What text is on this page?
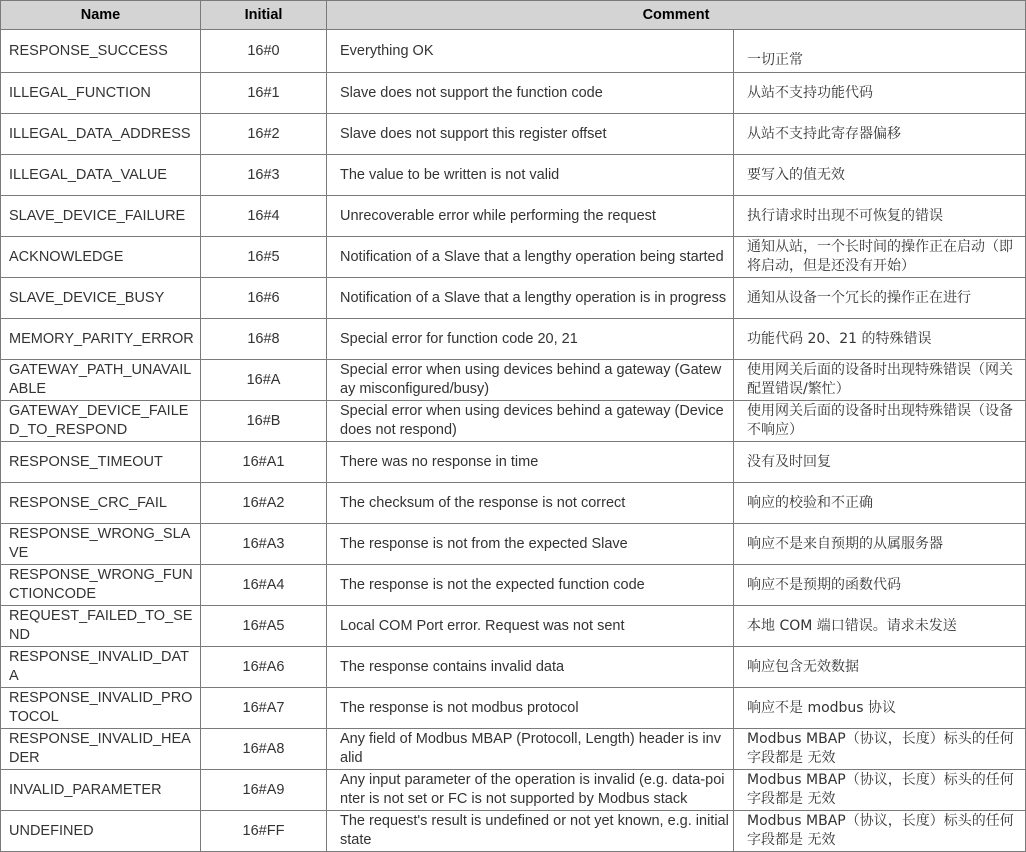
Name	Initial	Comment	
RESPONSE_SUCCESS	16#0	Everything OK	一切正常
ILLEGAL_FUNCTION	16#1	Slave does not support the function code	从站不支持功能代码
ILLEGAL_DATA_ADDRESS	16#2	Slave does not support this register offset	从站不支持此寄存器偏移
ILLEGAL_DATA_VALUE	16#3	The value to be written is not valid	要写入的值无效
SLAVE_DEVICE_FAILURE	16#4	Unrecoverable error while performing the request	执行请求时出现不可恢复的错误
ACKNOWLEDGE	16#5	Notification of a Slave that a lengthy operation being started	通知从站，一个长时间的操作正在启动（即将启动，但是还没有开始）
SLAVE_DEVICE_BUSY	16#6	Notification of a Slave that a lengthy operation is in progress	通知从设备一个冗长的操作正在进行
MEMORY_PARITY_ERROR	16#8	Special error for function code 20, 21	功能代码 20、21 的特殊错误
GATEWAY_PATH_UNAVAILABLE	16#A	Special error when using devices behind a gateway (Gateway misconfigured/busy)	使用网关后面的设备时出现特殊错误（网关 配置错误/繁忙）
GATEWAY_DEVICE_FAILED_TO_RESPOND	16#B	Special error when using devices behind a gateway (Device does not respond)	使用网关后面的设备时出现特殊错误（设备 不响应）
RESPONSE_TIMEOUT	16#A1	There was no response in time	没有及时回复
RESPONSE_CRC_FAIL	16#A2	The checksum of the response is not correct	响应的校验和不正确
RESPONSE_WRONG_SLAVE	16#A3	The response is not from the expected Slave	响应不是来自预期的从属服务器
RESPONSE_WRONG_FUNCTIONCODE	16#A4	The response is not the expected function code	响应不是预期的函数代码
REQUEST_FAILED_TO_SEND	16#A5	Local COM Port error. Request was not sent	本地 COM 端口错误。请求未发送
RESPONSE_INVALID_DATA	16#A6	The response contains invalid data	响应包含无效数据
RESPONSE_INVALID_PROTOCOL	16#A7	The response is not modbus protocol	响应不是 modbus 协议
RESPONSE_INVALID_HEADER	16#A8	Any field of Modbus MBAP (Protocoll, Length) header is invalid	Modbus MBAP（协议，长度）标头的任何字段都是 无效
INVALID_PARAMETER	16#A9	Any input parameter of the operation is invalid (e.g. data-pointer is not set or FC is not supported by Modbus stack	Modbus MBAP（协议，长度）标头的任何字段都是 无效
UNDEFINED	16#FF	The request's result is undefined or not yet known, e.g. initial state	Modbus MBAP（协议，长度）标头的任何字段都是 无效
